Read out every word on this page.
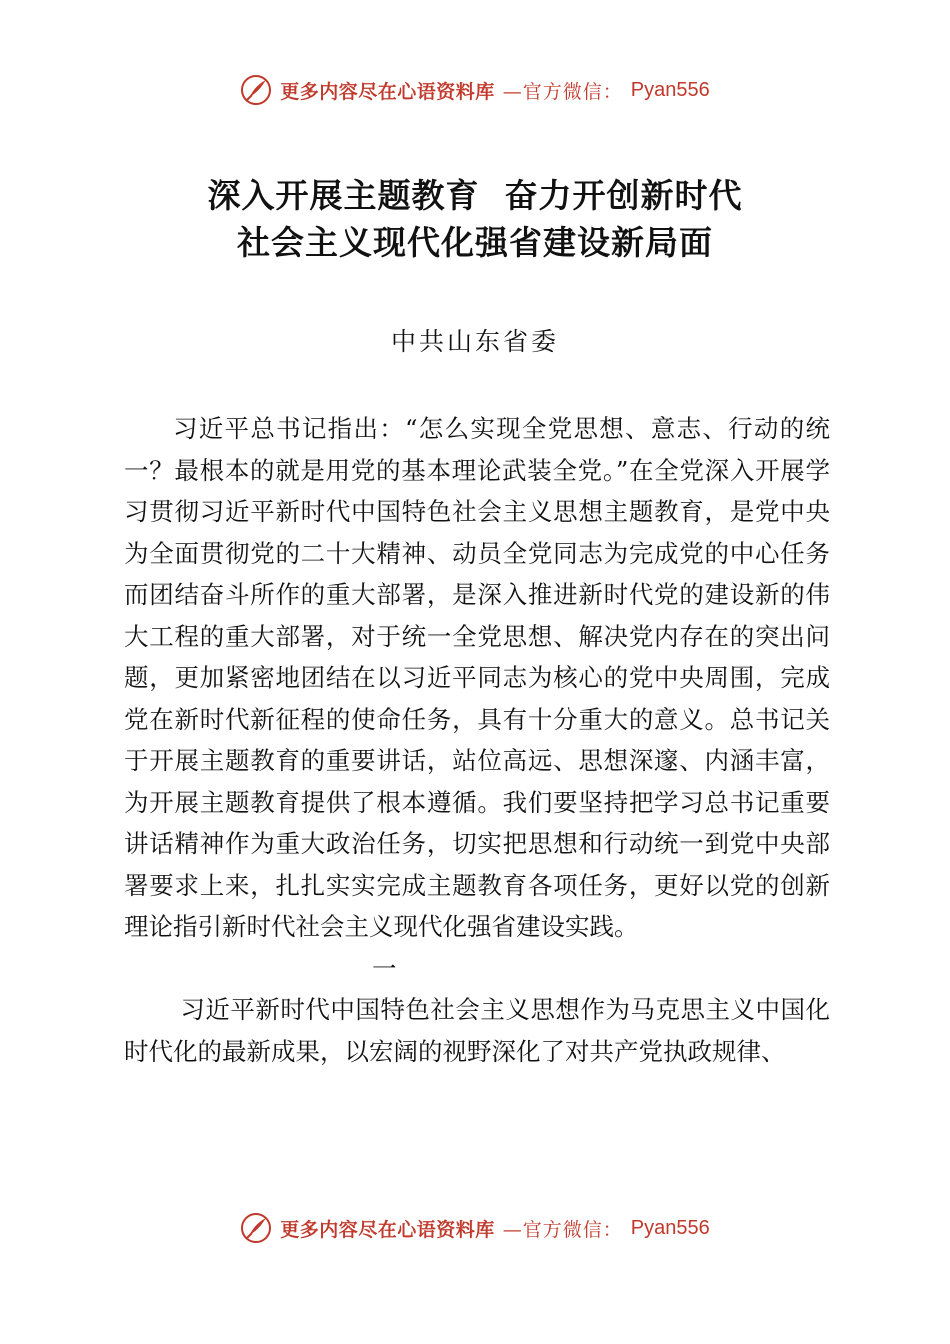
更多内容尽在心语资料库 —官方微信： Pyan556
深入开展主题教育  奋力开创新时代
社会主义现代化强省建设新局面
中共山东省委

习近平总书记指出：“怎么实现全党思想、意志、行动的统一？最根本的就是用党的基本理论武装全党。”在全党深入开展学习贯彻习近平新时代中国特色社会主义思想主题教育，是党中央为全面贯彻党的二十大精神、动员全党同志为完成党的中心任务而团结奋斗所作的重大部署，是深入推进新时代党的建设新的伟大工程的重大部署，对于统一全党思想、解决党内存在的突出问题，更加紧密地团结在以习近平同志为核心的党中央周围，完成党在新时代新征程的使命任务，具有十分重大的意义。总书记关于开展主题教育的重要讲话，站位高远、思想深邃、内涵丰富，为开展主题教育提供了根本遵循。我们要坚持把学习总书记重要讲话精神作为重大政治任务，切实把思想和行动统一到党中央部署要求上来，扎扎实实完成主题教育各项任务，更好以党的创新理论指引新时代社会主义现代化强省建设实践。

一

习近平新时代中国特色社会主义思想作为马克思主义中国化时代化的最新成果，以宏阔的视野深化了对共产党执政规律、

更多内容尽在心语资料库 —官方微信： Pyan556
